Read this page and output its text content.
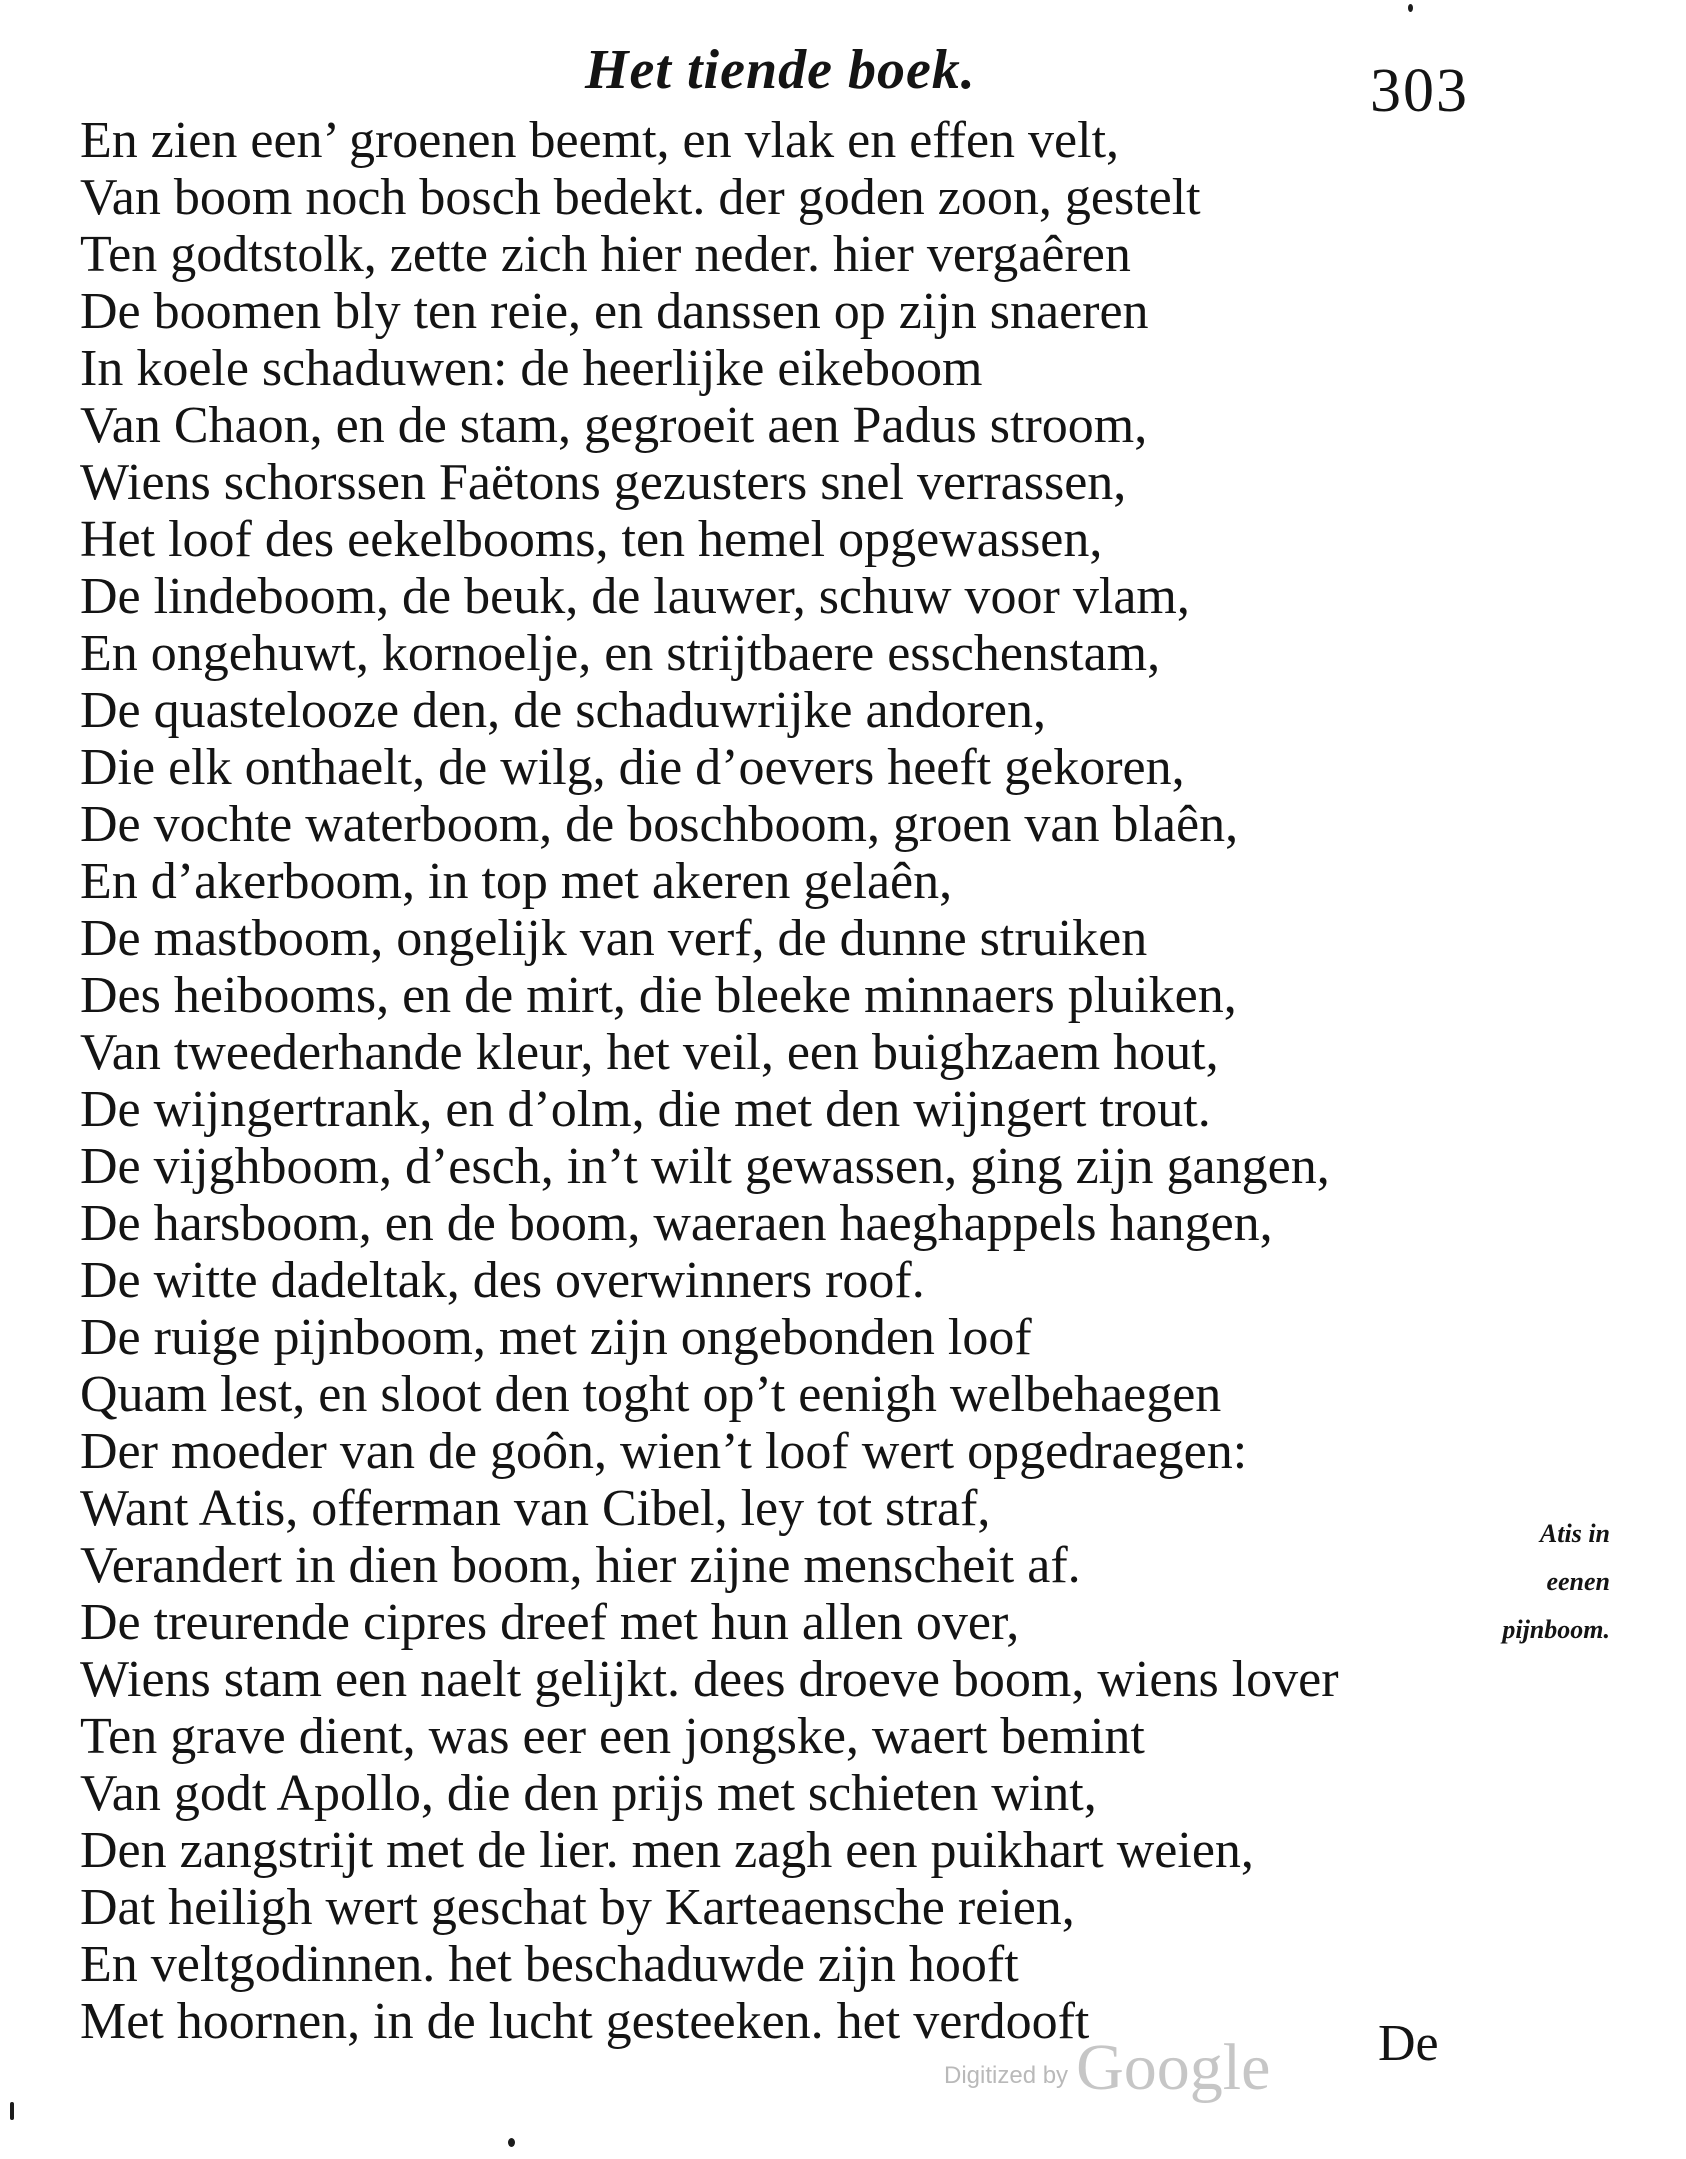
Het tiende boek.	303
En zien een’ groenen beemt, en vlak en effen velt,
Van boom noch bosch bedekt. der goden zoon, gestelt
Ten godtstolk, zette zich hier neder. hier vergaêren
De boomen bly ten reie, en danssen op zijn snaeren
In koele schaduwen: de heerlijke eikeboom
Van Chaon, en de stam, gegroeit aen Padus stroom,
Wiens schorssen Faëtons gezusters snel verrassen,
Het loof des eekelbooms, ten hemel opgewassen,
De lindeboom, de beuk, de lauwer, schuw voor vlam,
En ongehuwt, kornoelje, en strijtbaere esschenstam,
De quastelooze den, de schaduwrijke andoren,
Die elk onthaelt, de wilg, die d’oevers heeft gekoren,
De vochte waterboom, de boschboom, groen van blaên,
En d’akerboom, in top met akeren gelaên,
De mastboom, ongelijk van verf, de dunne struiken
Des heibooms, en de mirt, die bleeke minnaers pluiken,
Van tweederhande kleur, het veil, een buighzaem hout,
De wijngertrank, en d’olm, die met den wijngert trout.
De vijghboom, d’esch, in’t wilt gewassen, ging zijn gangen,
De harsboom, en de boom, waeraen haeghappels hangen,
De witte dadeltak, des overwinners roof.
De ruige pijnboom, met zijn ongebonden loof
Quam lest, en sloot den toght op’t eenigh welbehaegen
Der moeder van de goôn, wien’t loof wert opgedraegen:
Want Atis, offerman van Cibel, ley tot straf,
Verandert in dien boom, hier zijne menscheit af.
De treurende cipres dreef met hun allen over,
Wiens stam een naelt gelijkt. dees droeve boom, wiens lover
Ten grave dient, was eer een jongske, waert bemint
Van godt Apollo, die den prijs met schieten wint,
Den zangstrijt met de lier. men zagh een puikhart weien,
Dat heiligh wert geschat by Karteaensche reien,
En veltgodinnen. het beschaduwde zijn hooft
Met hoornen, in de lucht gesteeken. het verdooft
Atis in
eenen
pijnboom.
Digitized by Google De
